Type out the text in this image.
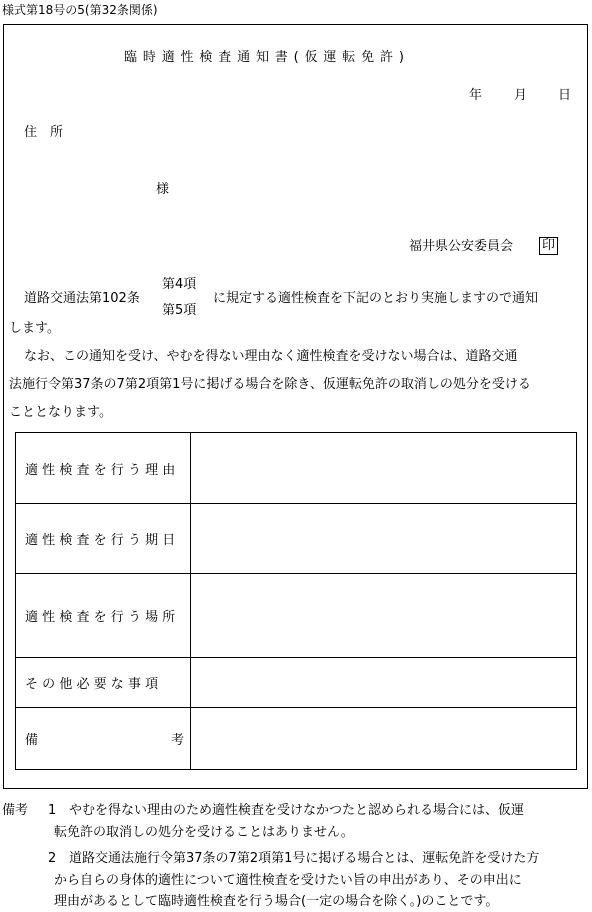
様式第18号の5(第32条関係)
臨時適性検査通知書(仮運転免許)
年 月 日
住　所
様
福井県公安委員会 印
道路交通法第102条
第4項
第5項
に規定する適性検査を下記のとおり実施しますので通知
します。
なお、この通知を受け、やむを得ない理由なく適性検査を受けない場合は、道路交通
法施行令第37条の7第2項第1号に掲げる場合を除き、仮運転免許の取消しの処分を受ける
こととなります。
適性検査を行う理由
適性検査を行う期日
適性検査を行う場所
その他必要な事項
備	考
備考 1 やむを得ない理由のため適性検査を受けなかつたと認められる場合には、仮運
転免許の取消しの処分を受けることはありません。
2 道路交通法施行令第37条の7第2項第1号に掲げる場合とは、運転免許を受けた方
から自らの身体的適性について適性検査を受けたい旨の申出があり、その申出に
理由があるとして臨時適性検査を行う場合(一定の場合を除く。)のことです。
